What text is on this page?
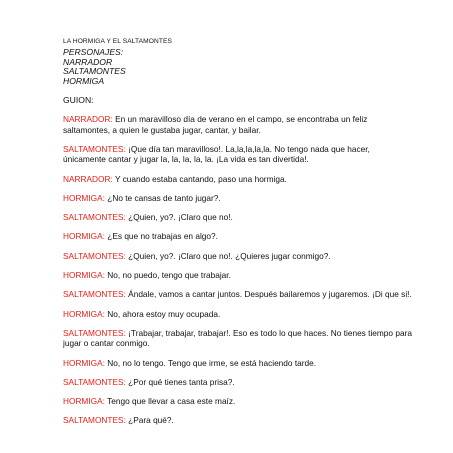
LA HORMIGA Y EL SALTAMONTES
PERSONAJES:
NARRADOR
SALTAMONTES
HORMIGA
GUION:

NARRADOR: En un maravilloso día de verano en el campo, se encontraba un feliz saltamontes, a quien le gustaba jugar, cantar, y bailar.

SALTAMONTES: ¡Que día tan maravilloso!. La,la,la,la,la. No tengo nada que hacer, únicamente cantar y jugar la, la, la, la, la. ¡La vida es tan divertida!.

NARRADOR: Y cuando estaba cantando, paso una hormiga.

HORMIGA: ¿No te cansas de tanto jugar?.

SALTAMONTES: ¿Quien, yo?. ¡Claro que no!.

HORMIGA: ¿Es que no trabajas en algo?.

SALTAMONTES: ¿Quien, yo?. ¡Claro que no!. ¿Quieres jugar conmigo?.

HORMIGA: No, no puedo, tengo que trabajar.

SALTAMONTES: Ándale, vamos a cantar juntos. Después bailaremos y jugaremos. ¡Di que si!.

HORMIGA: No, ahora estoy muy ocupada.

SALTAMONTES: ¡Trabajar, trabajar, trabajar!. Eso es todo lo que haces. No tienes tiempo para jugar o cantar conmigo.

HORMIGA: No, no lo tengo. Tengo que irme, se está haciendo tarde.

SALTAMONTES: ¿Por qué tienes tanta prisa?.

HORMIGA: Tengo que llevar a casa este maíz.

SALTAMONTES: ¿Para qué?.
